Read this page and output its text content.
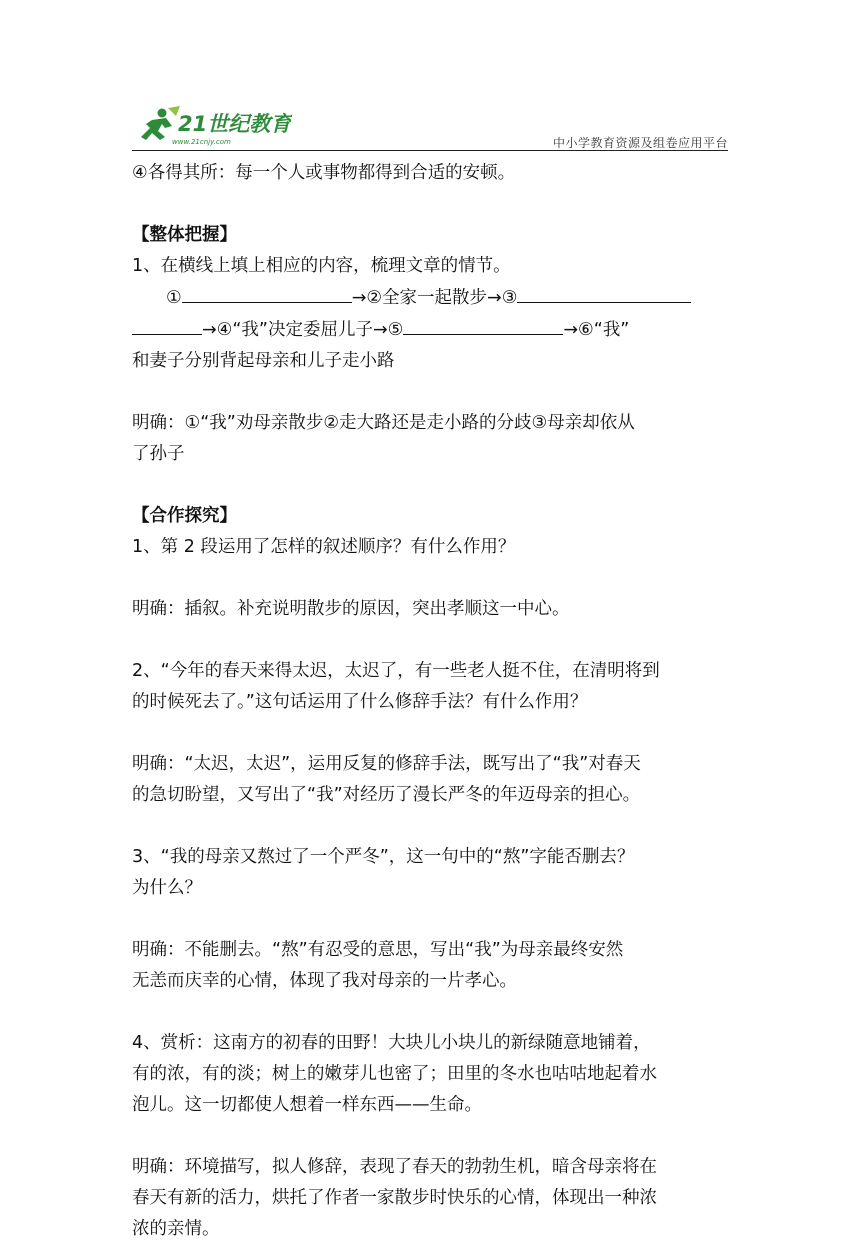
21世纪教育
www.21cnjy.com	中小学教育资源及组卷应用平台

④各得其所：每一个人或事物都得到合适的安顿。

【整体把握】

1、在横线上填上相应的内容，梳理文章的情节。

①	→②全家一起散步→③

→④“我”决定委屈儿子→⑤	→⑥“我”

和妻子分别背起母亲和儿子走小路

明确：①“我”劝母亲散步②走大路还是走小路的分歧③母亲却依从

了孙子

【合作探究】

1、第 2 段运用了怎样的叙述顺序？有什么作用？

明确：插叙。补充说明散步的原因，突出孝顺这一中心。

2、“今年的春天来得太迟，太迟了，有一些老人挺不住，在清明将到

的时候死去了。”这句话运用了什么修辞手法？有什么作用？

明确：“太迟，太迟”，运用反复的修辞手法，既写出了“我”对春天

的急切盼望，又写出了“我”对经历了漫长严冬的年迈母亲的担心。

3、“我的母亲又熬过了一个严冬”，这一句中的“熬”字能否删去？

为什么？

明确：不能删去。“熬”有忍受的意思，写出“我”为母亲最终安然

无恙而庆幸的心情，体现了我对母亲的一片孝心。

4、赏析：这南方的初春的田野！大块儿小块儿的新绿随意地铺着，

有的浓，有的淡；树上的嫩芽儿也密了；田里的冬水也咕咕地起着水

泡儿。这一切都使人想着一样东西——生命。

明确：环境描写，拟人修辞，表现了春天的勃勃生机，暗含母亲将在

春天有新的活力，烘托了作者一家散步时快乐的心情，体现出一种浓

浓的亲情。
